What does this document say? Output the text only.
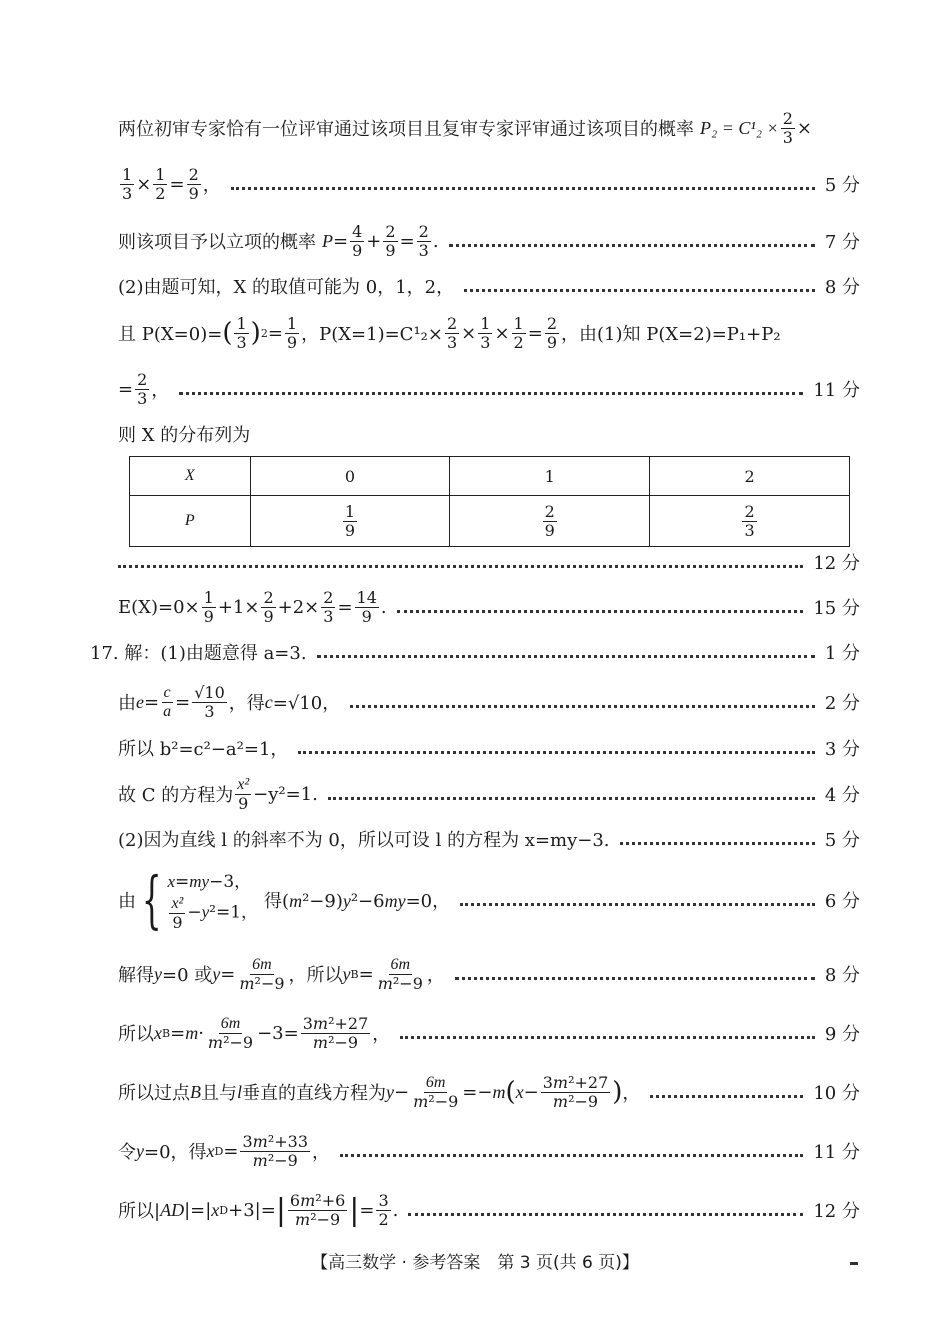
两位初审专家恰有一位评审通过该项目且复审专家评审通过该项目的概率 $P_2 = C^1_2 \times \frac{2}{3}$ ×
$\frac{1}{3} \times \frac{1}{2} = \frac{2}{9}$ ，	5 分
则该项目予以立项的概率 $P = \frac{4}{9} + \frac{2}{9} = \frac{2}{3}$ .	7 分
(2)由题可知，X 的取值可能为 0，1，2，	8 分
且 P(X=0)= ( $\frac{1}{3}$ ) $2 = \frac{1}{9}$ ，$P(X=1)=C^1_2\times \frac{2}{3} \times \frac{1}{3} \times \frac{1}{2} = \frac{2}{9}$ ，由(1)知 P(X=2)=P₁+P₂
= $\frac{2}{3}$ ，	11 分
则 X 的分布列为
X	0	1	2
P	$\frac{1}{9}$	$\frac{2}{9}$	$\frac{2}{3}$
12 分
$E(X)=0\times \frac{1}{9} +1\times \frac{2}{9} +2\times \frac{2}{3} = \frac{14}{9}$ .	15 分
17. 解：(1)由题意得 a=3.	1 分
由 $e = \frac{c}{a} = \frac{√10}{3}$ ，得 c =√10，	2 分
所以 b²=c²−a²=1，	3 分
故 C 的方程为 $\frac{\text{x²}}{9} -y^2=1$.	4 分
(2)因为直线 l 的斜率不为 0，所以可设 l 的方程为 x=my−3.	5 分
由 { x=my−3，
$\frac{\text{x²}}{9} -y^2=1$，
得(m²−9)y²−6my=0，	6 分
解得 y =0 或 $y = \frac{6m}{\text{m²−9}}$ ，所以 y $B = \frac{6m}{\text{m²−9}}$ ，	8 分
所以 x $B = m \cdot \frac{6m}{\text{m²−9}} -3= \frac{\text{3m²+27}}{\text{m²−9}}$ ，	9 分
所以过点 B 且与 l 垂直的直线方程为 $y - \frac{6m}{\text{m²−9}} =- m$ ( $x - \frac{\text{3m²+27}}{\text{m²−9}}$ ) ，	10 分
令 y =0，得 x $D = \frac{\text{3m²+33}}{\text{m²−9}}$ ，	11 分
所以| AD |=| x D +3|= | $\frac{\text{6m²+6}}{\text{m²−9}}$ | = $\frac{3}{2}$ .	12 分
【高三数学 · 参考答案　第 3 页(共 6 页)】
